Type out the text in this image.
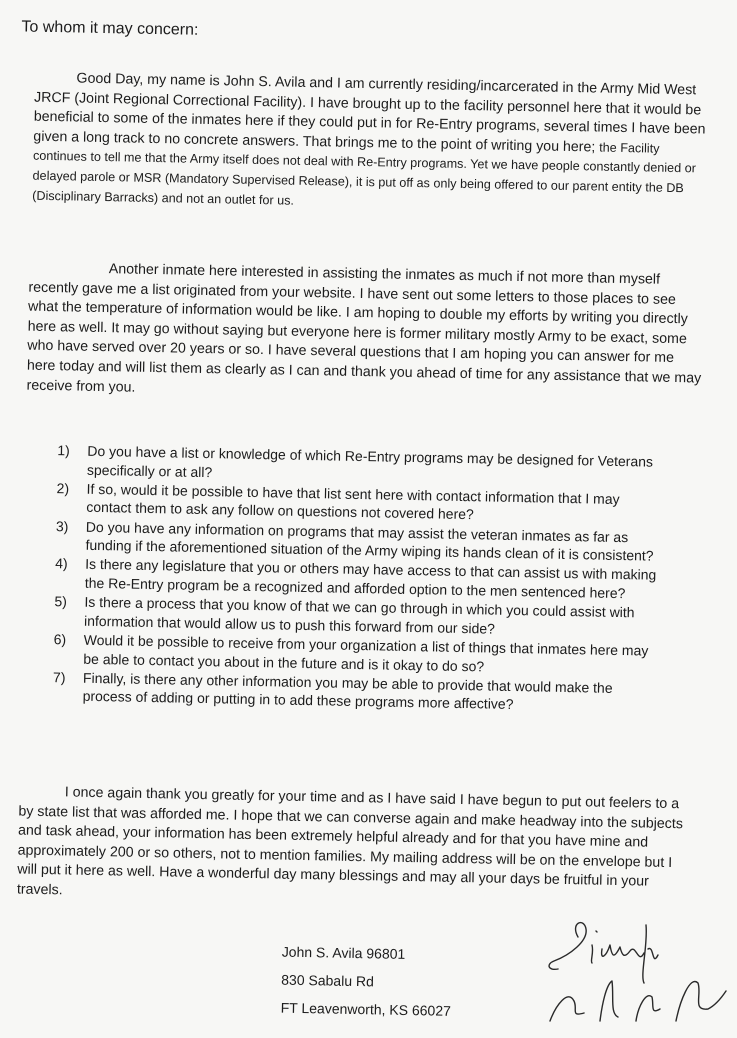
To whom it may concern:

Good Day, my name is John S. Avila and I am currently residing/incarcerated in the Army Mid West JRCF (Joint Regional Correctional Facility). I have brought up to the facility personnel here that it would be beneficial to some of the inmates here if they could put in for Re-Entry programs, several times I have been given a long track to no concrete answers. That brings me to the point of writing you here; the Facility continues to tell me that the Army itself does not deal with Re-Entry programs. Yet we have people constantly denied or delayed parole or MSR (Mandatory Supervised Release), it is put off as only being offered to our parent entity the DB (Disciplinary Barracks) and not an outlet for us.

Another inmate here interested in assisting the inmates as much if not more than myself recently gave me a list originated from your website. I have sent out some letters to those places to see what the temperature of information would be like. I am hoping to double my efforts by writing you directly here as well. It may go without saying but everyone here is former military mostly Army to be exact, some who have served over 20 years or so. I have several questions that I am hoping you can answer for me here today and will list them as clearly as I can and thank you ahead of time for any assistance that we may receive from you.

1) Do you have a list or knowledge of which Re-Entry programs may be designed for Veterans specifically or at all?
2) If so, would it be possible to have that list sent here with contact information that I may contact them to ask any follow on questions not covered here?
3) Do you have any information on programs that may assist the veteran inmates as far as funding if the aforementioned situation of the Army wiping its hands clean of it is consistent?
4) Is there any legislature that you or others may have access to that can assist us with making the Re-Entry program be a recognized and afforded option to the men sentenced here?
5) Is there a process that you know of that we can go through in which you could assist with information that would allow us to push this forward from our side?
6) Would it be possible to receive from your organization a list of things that inmates here may be able to contact you about in the future and is it okay to do so?
7) Finally, is there any other information you may be able to provide that would make the process of adding or putting in to add these programs more affective?

I once again thank you greatly for your time and as I have said I have begun to put out feelers to a by state list that was afforded me. I hope that we can converse again and make headway into the subjects and task ahead, your information has been extremely helpful already and for that you have mine and approximately 200 or so others, not to mention families. My mailing address will be on the envelope but I will put it here as well. Have a wonderful day many blessings and may all your days be fruitful in your travels.

John S. Avila 96801
830 Sabalu Rd
FT Leavenworth, KS 66027
